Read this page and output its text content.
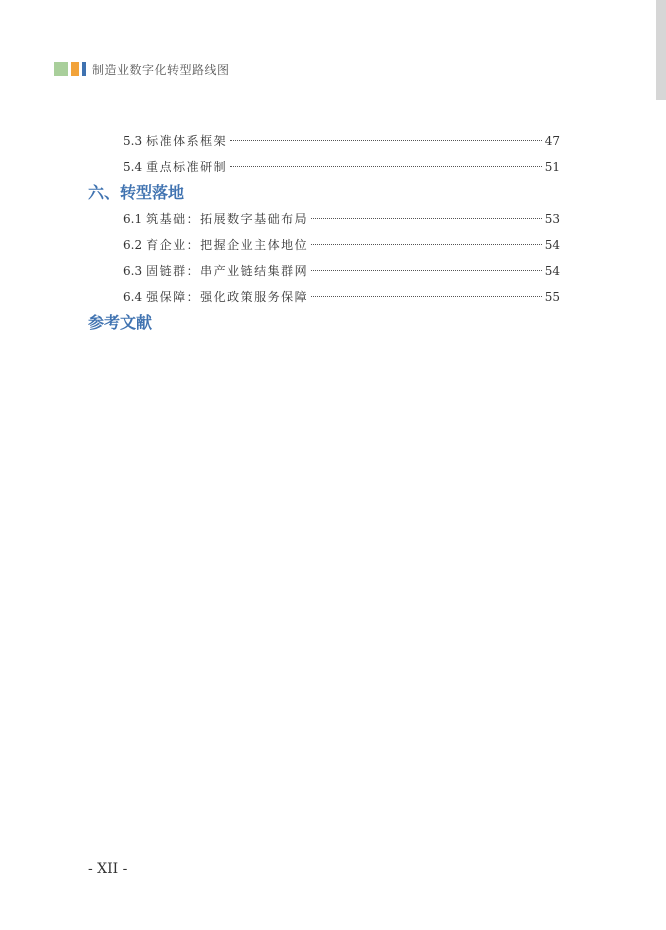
制造业数字化转型路线图
5.3 标准体系框架	47
5.4 重点标准研制	51
六、转型落地
6.1 筑基础：拓展数字基础布局	53
6.2 育企业：把握企业主体地位	54
6.3 固链群：串产业链结集群网	54
6.4 强保障：强化政策服务保障	55
参考文献
- XII -
